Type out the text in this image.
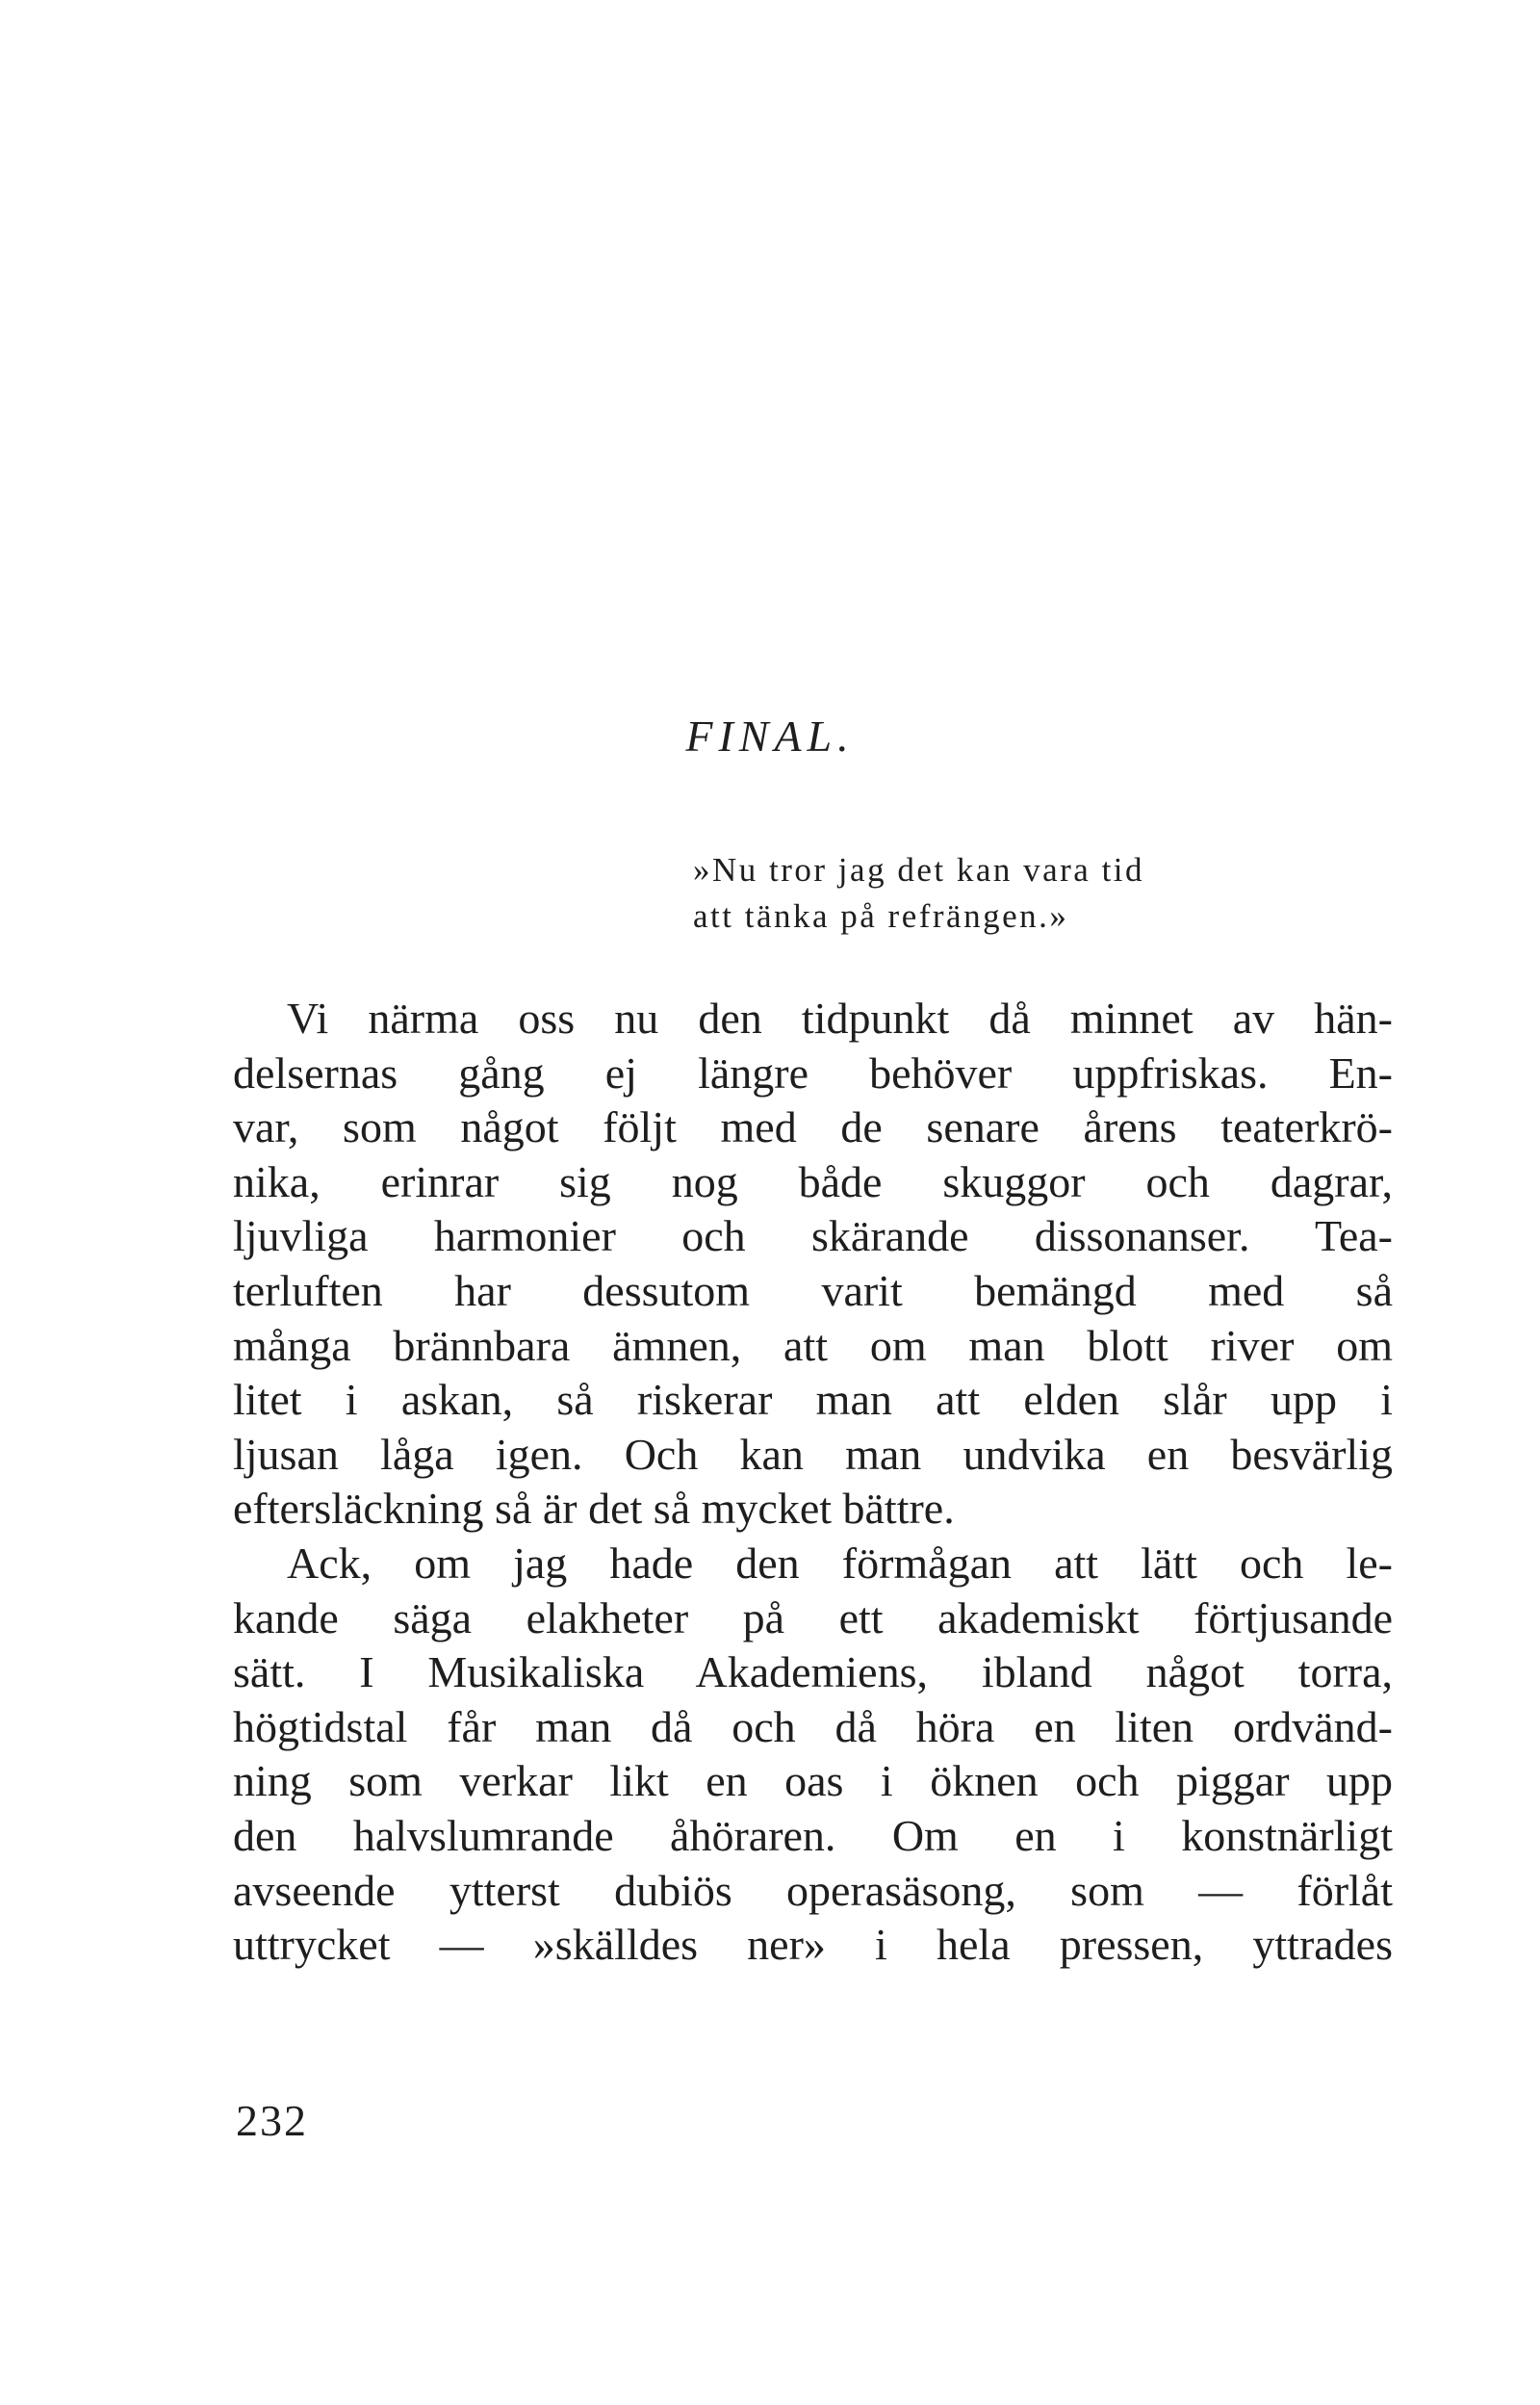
FINAL.
»Nu tror jag det kan vara tid
att tänka på refrängen.»
Vi närma oss nu den tidpunkt då minnet av hän-
delsernas gång ej längre behöver uppfriskas. En-
var, som något följt med de senare årens teaterkrö-
nika, erinrar sig nog både skuggor och dagrar,
ljuvliga harmonier och skärande dissonanser. Tea-
terluften har dessutom varit bemängd med så
många brännbara ämnen, att om man blott river om
litet i askan, så riskerar man att elden slår upp i
ljusan låga igen. Och kan man undvika en besvärlig
eftersläckning så är det så mycket bättre.
Ack, om jag hade den förmågan att lätt och le-
kande säga elakheter på ett akademiskt förtjusande
sätt. I Musikaliska Akademiens, ibland något torra,
högtidstal får man då och då höra en liten ordvänd-
ning som verkar likt en oas i öknen och piggar upp
den halvslumrande åhöraren. Om en i konstnärligt
avseende ytterst dubiös operasäsong, som — förlåt
uttrycket — »skälldes ner» i hela pressen, yttrades
232
